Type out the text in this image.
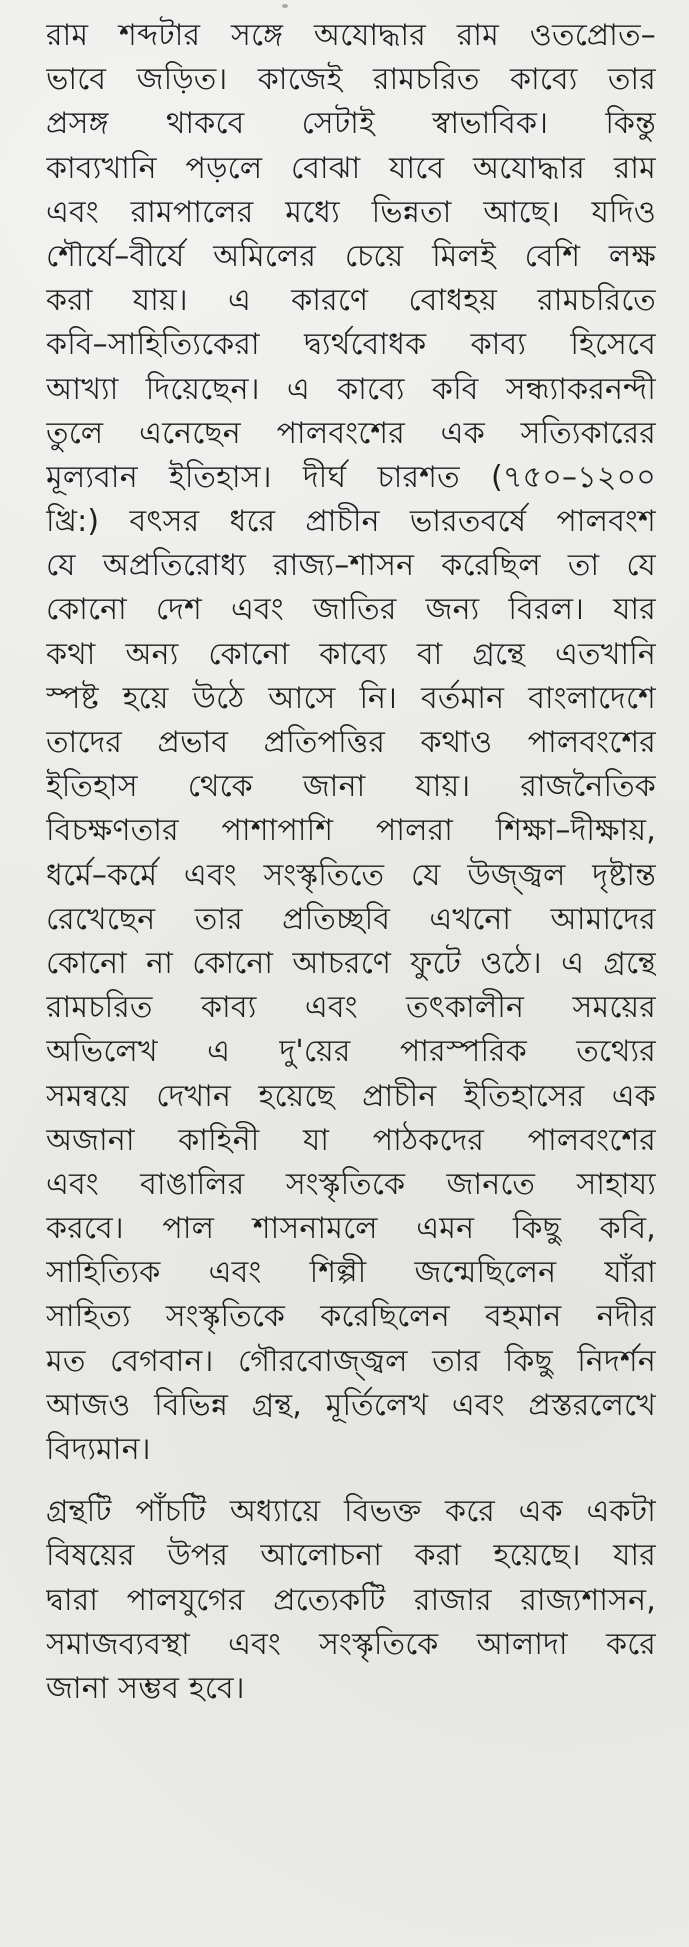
রাম শব্দটার সঙ্গে অযোদ্ধার রাম ওতপ্রোত–
ভাবে জড়িত। কাজেই রামচরিত কাব্যে তার
প্রসঙ্গ থাকবে সেটাই স্বাভাবিক। কিন্তু
কাব্যখানি পড়লে বোঝা যাবে অযোদ্ধার রাম
এবং রামপালের মধ্যে ভিন্নতা আছে। যদিও
শৌর্যে–বীর্যে অমিলের চেয়ে মিলই বেশি লক্ষ
করা যায়। এ কারণে বোধহয় রামচরিতে
কবি–সাহিত্যিকেরা দ্ব্যর্থবোধক কাব্য হিসেবে
আখ্যা দিয়েছেন। এ কাব্যে কবি সন্ধ্যাকরনন্দী
তুলে এনেছেন পালবংশের এক সত্যিকারের
মূল্যবান ইতিহাস। দীর্ঘ চারশত (৭৫০–১২০০
খ্রি:) বৎসর ধরে প্রাচীন ভারতবর্ষে পালবংশ
যে অপ্রতিরোধ্য রাজ্য–শাসন করেছিল তা যে
কোনো দেশ এবং জাতির জন্য বিরল। যার
কথা অন্য কোনো কাব্যে বা গ্রন্থে এতখানি
স্পষ্ট হয়ে উঠে আসে নি। বর্তমান বাংলাদেশে
তাদের প্রভাব প্রতিপত্তির কথাও পালবংশের
ইতিহাস থেকে জানা যায়। রাজনৈতিক
বিচক্ষণতার পাশাপাশি পালরা শিক্ষা–দীক্ষায়,
ধর্মে–কর্মে এবং সংস্কৃতিতে যে উজ্জ্বল দৃষ্টান্ত
রেখেছেন তার প্রতিচ্ছবি এখনো আমাদের
কোনো না কোনো আচরণে ফুটে ওঠে। এ গ্রন্থে
রামচরিত কাব্য এবং তৎকালীন সময়ের
অভিলেখ এ দু'য়ের পারস্পরিক তথ্যের
সমন্বয়ে দেখান হয়েছে প্রাচীন ইতিহাসের এক
অজানা কাহিনী যা পাঠকদের পালবংশের
এবং বাঙালির সংস্কৃতিকে জানতে সাহায্য
করবে। পাল শাসনামলে এমন কিছু কবি,
সাহিত্যিক এবং শিল্পী জন্মেছিলেন যাঁরা
সাহিত্য সংস্কৃতিকে করেছিলেন বহমান নদীর
মত বেগবান। গৌরবোজ্জ্বল তার কিছু নিদর্শন
আজও বিভিন্ন গ্রন্থ, মূর্তিলেখ এবং প্রস্তরলেখে
বিদ্যমান।
গ্রন্থটি পাঁচটি অধ্যায়ে বিভক্ত করে এক একটা
বিষয়ের উপর আলোচনা করা হয়েছে। যার
দ্বারা পালযুগের প্রত্যেকটি রাজার রাজ্যশাসন,
সমাজব্যবস্থা এবং সংস্কৃতিকে আলাদা করে
জানা সম্ভব হবে।
